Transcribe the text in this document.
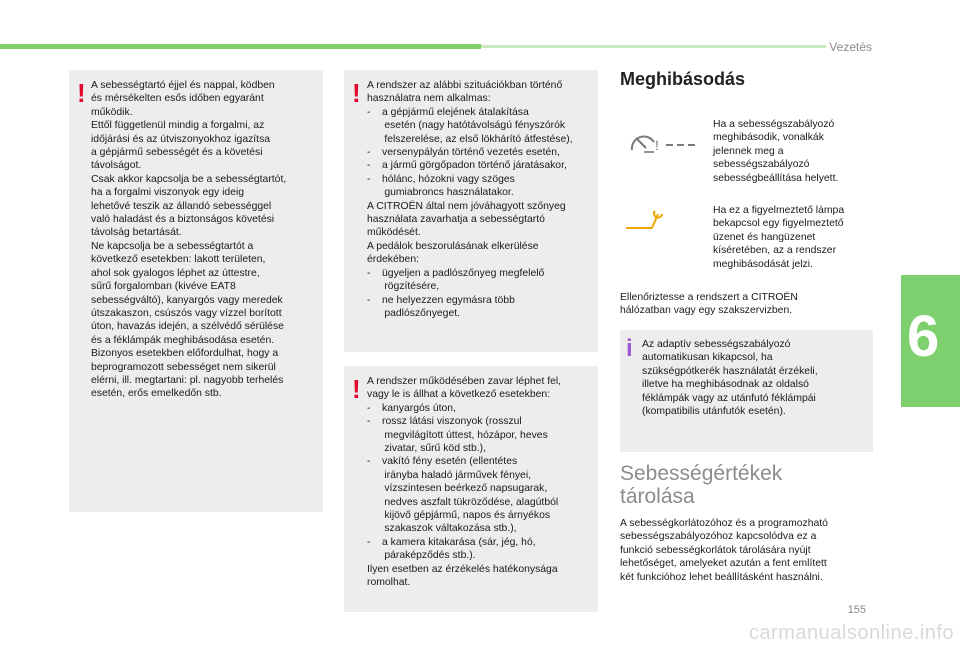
Vezetés
! A sebességtartó éjjel és nappal, ködben
és mérsékelten esős időben egyaránt
működik.
Ettől függetlenül mindig a forgalmi, az
időjárási és az útviszonyokhoz igazítsa
a gépjármű sebességét és a követési
távolságot.
Csak akkor kapcsolja be a sebességtartót,
ha a forgalmi viszonyok egy ideig
lehetővé teszik az állandó sebességgel
való haladást és a biztonságos követési
távolság betartását.
Ne kapcsolja be a sebességtartót a
következő esetekben: lakott területen,
ahol sok gyalogos léphet az úttestre,
sűrű forgalomban (kivéve EAT8
sebességváltó), kanyargós vagy meredek
útszakaszon, csúszós vagy vízzel borított
úton, havazás idején, a szélvédő sérülése
és a féklámpák meghibásodása esetén.
Bizonyos esetekben előfordulhat, hogy a
beprogramozott sebességet nem sikerül
elérni, ill. megtartani: pl. nagyobb terhelés
esetén, erős emelkedőn stb.
! A rendszer az alábbi szituációkban történő
használatra nem alkalmas:
-    a gépjármű elejének átalakítása
esetén (nagy hatótávolságú fényszórók
felszerelése, az első lökhárító átfestése),
-    versenypályán történő vezetés esetén,
-    a jármű görgőpadon történő járatásakor,
-    hólánc, hózokni vagy szöges
gumiabroncs használatakor.
A CITROËN által nem jóváhagyott szőnyeg
használata zavarhatja a sebességtartó
működését.
A pedálok beszorulásának elkerülése
érdekében:
-    ügyeljen a padlószőnyeg megfelelő
rögzítésére,
-    ne helyezzen egymásra több
padlószőnyeget.
! A rendszer működésében zavar léphet fel,
vagy le is állhat a következő esetekben:
-    kanyargós úton,
-    rossz látási viszonyok (rosszul
megvilágított úttest, hózápor, heves
zivatar, sűrű köd stb.),
-    vakító fény esetén (ellentétes
irányba haladó járművek fényei,
vízszintesen beérkező napsugarak,
nedves aszfalt tükröződése, alagútból
kijövő gépjármű, napos és árnyékos
szakaszok váltakozása stb.),
-    a kamera kitakarása (sár, jég, hó,
páraképződés stb.).
Ilyen esetben az érzékelés hatékonysága
romolhat.
Meghibásodás
!
Ha a sebességszabályozó
meghibásodik, vonalkák
jelennek meg a
sebességszabályozó
sebességbeállítása helyett.
Ha ez a figyelmeztető lámpa
bekapcsol egy figyelmeztető
üzenet és hangüzenet
kíséretében, az a rendszer
meghibásodását jelzi.
Ellenőriztesse a rendszert a CITROËN
hálózatban vagy egy szakszervizben.
i Az adaptív sebességszabályozó
automatikusan kikapcsol, ha
szükségpótkerék használatát érzékeli,
illetve ha meghibásodnak az oldalsó
féklámpák vagy az utánfutó féklámpái
(kompatibilis utánfutók esetén).
Sebességértékek
tárolása
A sebességkorlátozóhoz és a programozható
sebességszabályozóhoz kapcsolódva ez a
funkció sebességkorlátok tárolására nyújt
lehetőséget, amelyeket azután a fent említett
két funkcióhoz lehet beállításként használni.
6
155
carmanualsonline.info
